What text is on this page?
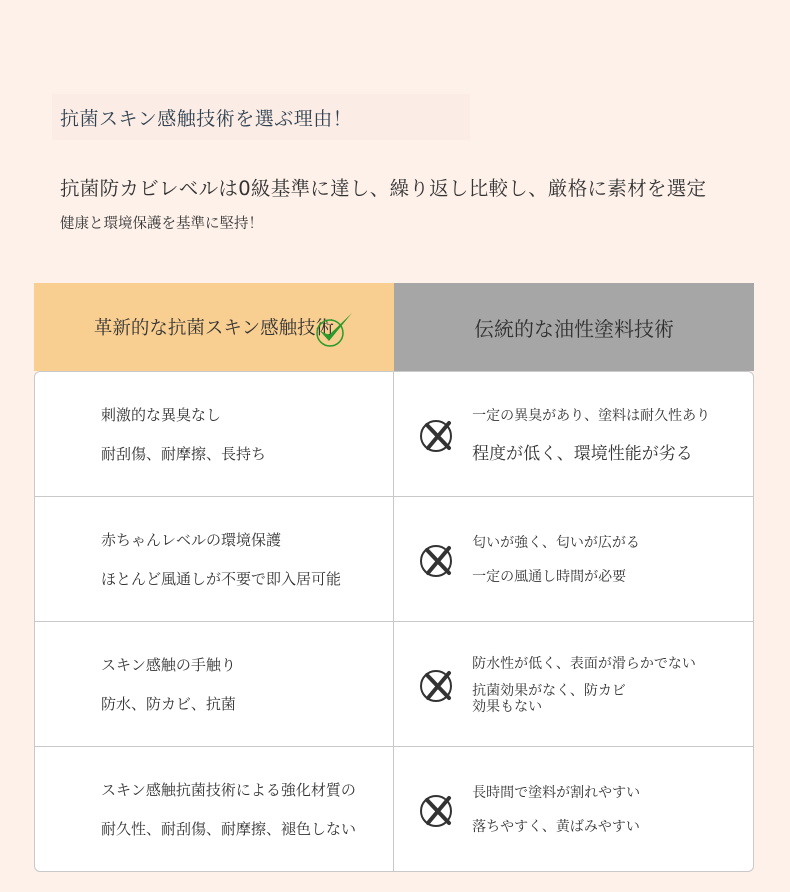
抗菌スキン感触技術を選ぶ理由！
抗菌防カビレベルは0級基準に達し、繰り返し比較し、厳格に素材を選定
健康と環境保護を基準に堅持！
革新的な抗菌スキン感触技術	伝統的な油性塗料技術
刺激的な異臭なし
耐刮傷、耐摩擦、長持ち
一定の異臭があり、塗料は耐久性あり
程度が低く、環境性能が劣る
赤ちゃんレベルの環境保護
ほとんど風通しが不要で即入居可能
匂いが強く、匂いが広がる
一定の風通し時間が必要
スキン感触の手触り
防水、防カビ、抗菌
防水性が低く、表面が滑らかでない
抗菌効果がなく、防カビ効果もない
スキン感触抗菌技術による強化材質の
耐久性、耐刮傷、耐摩擦、褪色しない
長時間で塗料が割れやすい
落ちやすく、黄ばみやすい
